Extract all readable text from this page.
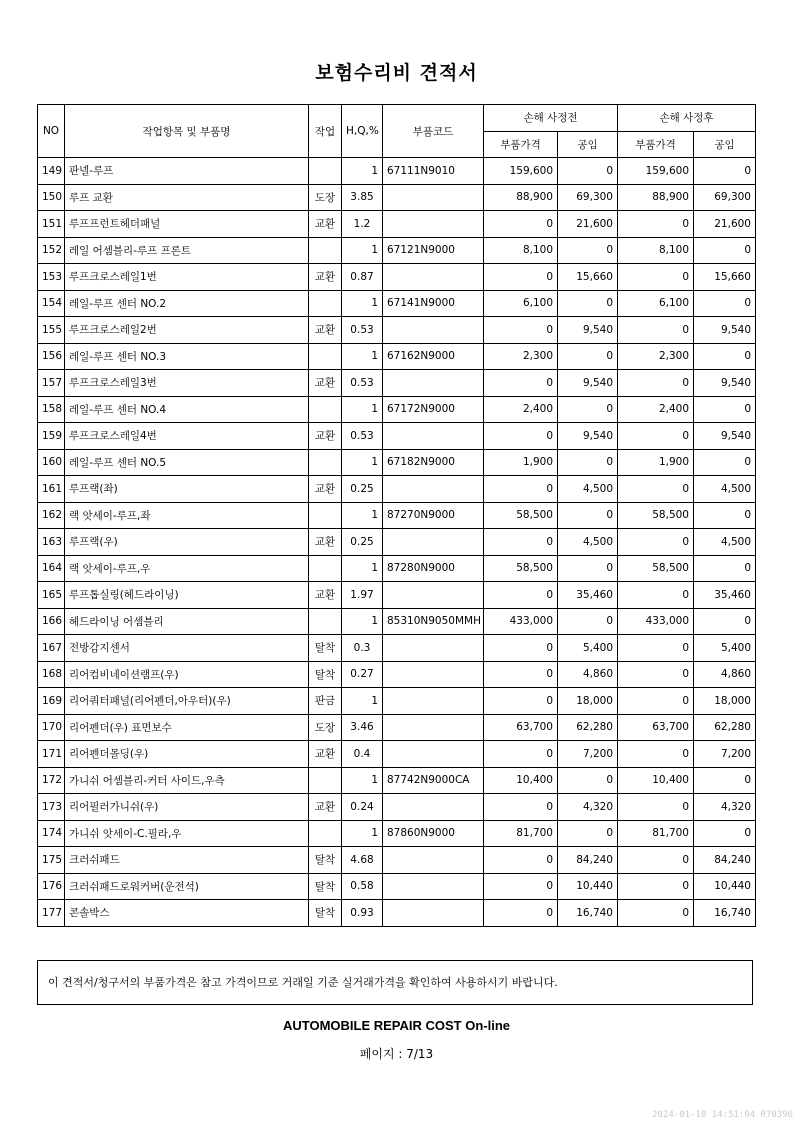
보험수리비 견적서
NO	작업항목 및 부품명	작업	H,Q,%	부품코드	손해 사정전		손해 사정후	
					부품가격	공임	부품가격	공임
149	판넬-루프		1	67111N9010	159,600	0	159,600	0
150	루프 교환	도장	3.85		88,900	69,300	88,900	69,300
151	루프프런트헤더패널	교환	1.2		0	21,600	0	21,600
152	레일 어셈블리-루프 프론트		1	67121N9000	8,100	0	8,100	0
153	루프크로스레일1번	교환	0.87		0	15,660	0	15,660
154	레일-루프 센터 NO.2		1	67141N9000	6,100	0	6,100	0
155	루프크로스레일2번	교환	0.53		0	9,540	0	9,540
156	레일-루프 센터 NO.3		1	67162N9000	2,300	0	2,300	0
157	루프크로스레일3번	교환	0.53		0	9,540	0	9,540
158	레일-루프 센터 NO.4		1	67172N9000	2,400	0	2,400	0
159	루프크로스레일4번	교환	0.53		0	9,540	0	9,540
160	레일-루프 센터 NO.5		1	67182N9000	1,900	0	1,900	0
161	루프랙(좌)	교환	0.25		0	4,500	0	4,500
162	랙 앗세이-루프,좌		1	87270N9000	58,500	0	58,500	0
163	루프랙(우)	교환	0.25		0	4,500	0	4,500
164	랙 앗세이-루프,우		1	87280N9000	58,500	0	58,500	0
165	루프톱실링(헤드라이닝)	교환	1.97		0	35,460	0	35,460
166	헤드라이닝 어셈블리		1	85310N9050MMH	433,000	0	433,000	0
167	전방감지센서	탈착	0.3		0	5,400	0	5,400
168	리어컴비네이션램프(우)	탈착	0.27		0	4,860	0	4,860
169	리어쿼터패널(리어펜더,아우터)(우)	판금	1		0	18,000	0	18,000
170	리어펜더(우) 표면보수	도장	3.46		63,700	62,280	63,700	62,280
171	리어펜더몰딩(우)	교환	0.4		0	7,200	0	7,200
172	가니쉬 어셈블리-커터 사이드,우측		1	87742N9000CA	10,400	0	10,400	0
173	리어필러가니쉬(우)	교환	0.24		0	4,320	0	4,320
174	가니쉬 앗세이-C.필라,우		1	87860N9000	81,700	0	81,700	0
175	크러쉬패드	탈착	4.68		0	84,240	0	84,240
176	크러쉬패드로워커버(운전석)	탈착	0.58		0	10,440	0	10,440
177	콘솔박스	탈착	0.93		0	16,740	0	16,740
이 견적서/청구서의 부품가격은 참고 가격이므로 거래일 기준 실거래가격을 확인하여 사용하시기 바랍니다.
AUTOMOBILE REPAIR COST On-line
페이지 : 7/13
2024-01-10 14:51:04 R70396
